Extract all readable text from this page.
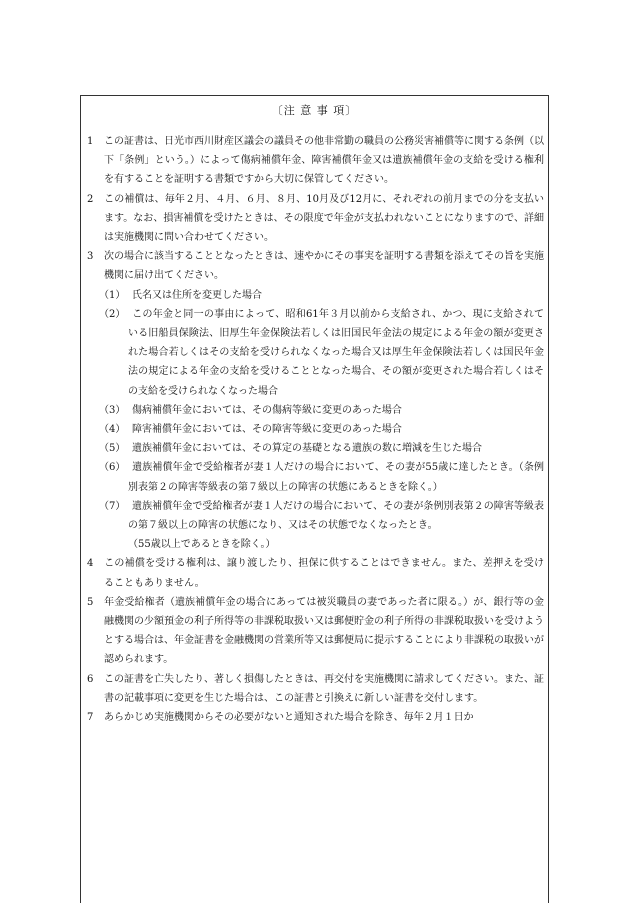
〔注 意 事 項〕

1 この証書は、日光市西川財産区議会の議員その他非常勤の職員の公務災害補償等に関する条例（以下「条例」という。）によって傷病補償年金、障害補償年金又は遺族補償年金の支給を受ける権利を有することを証明する書類ですから大切に保管してください。

2 この補償は、毎年２月、４月、６月、８月、10月及び12月に、それぞれの前月までの分を支払います。なお、損害補償を受けたときは、その限度で年金が支払われないことになりますので、詳細は実施機関に問い合わせてください。

3 次の場合に該当することとなったときは、速やかにその事実を証明する書類を添えてその旨を実施機関に届け出てください。

（1） 氏名又は住所を変更した場合

（2） この年金と同一の事由によって、昭和61年３月以前から支給され、かつ、現に支給されている旧船員保険法、旧厚生年金保険法若しくは旧国民年金法の規定による年金の額が変更された場合若しくはその支給を受けられなくなった場合又は厚生年金保険法若しくは国民年金法の規定による年金の支給を受けることとなった場合、その額が変更された場合若しくはその支給を受けられなくなった場合

（3） 傷病補償年金においては、その傷病等級に変更のあった場合

（4） 障害補償年金においては、その障害等級に変更のあった場合

（5） 遺族補償年金においては、その算定の基礎となる遺族の数に増減を生じた場合

（6） 遺族補償年金で受給権者が妻１人だけの場合において、その妻が55歳に達したとき。（条例別表第２の障害等級表の第７級以上の障害の状態にあるときを除く。）

（7） 遺族補償年金で受給権者が妻１人だけの場合において、その妻が条例別表第２の障害等級表の第７級以上の障害の状態になり、又はその状態でなくなったとき。

（55歳以上であるときを除く。）

4 この補償を受ける権利は、譲り渡したり、担保に供することはできません。また、差押えを受けることもありません。

5 年金受給権者（遺族補償年金の場合にあっては被災職員の妻であった者に限る。）が、銀行等の金融機関の少額預金の利子所得等の非課税取扱い又は郵便貯金の利子所得の非課税取扱いを受けようとする場合は、年金証書を金融機関の営業所等又は郵便局に提示することにより非課税の取扱いが認められます。

6 この証書を亡失したり、著しく損傷したときは、再交付を実施機関に請求してください。また、証書の記載事項に変更を生じた場合は、この証書と引換えに新しい証書を交付します。

7 あらかじめ実施機関からその必要がないと通知された場合を除き、毎年２月１日か
